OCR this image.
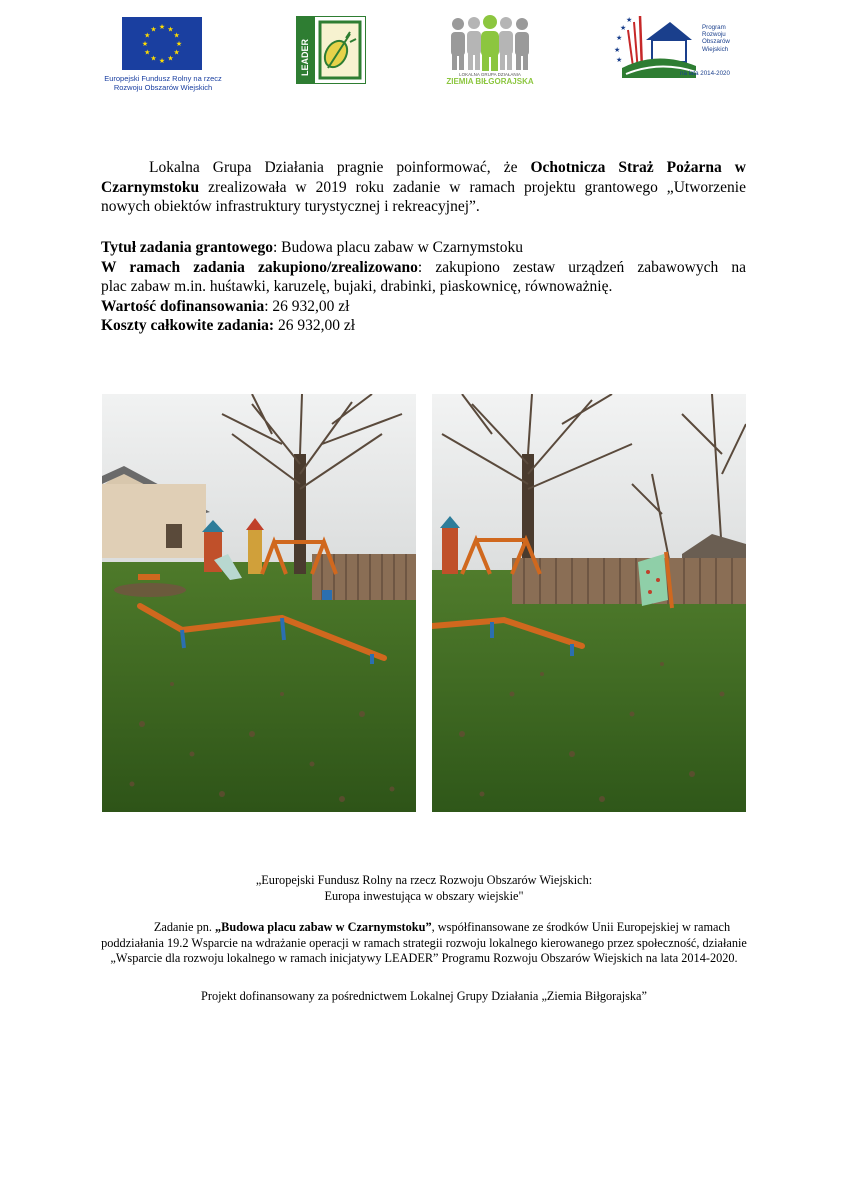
★ ★
★
★
★
★
★
★
★
★
★
★
Europejski Fundusz Rolny na rzecz
Rozwoju Obszarów Wiejskich
LEADER	LOKALNA GRUPA DZIAŁANIA
ZIEMIA BIŁGORAJSKA
★
★
★
★
★
Program
Rozwoju
Obszarów
Wiejskich
na lata 2014-2020
Lokalna Grupa Działania pragnie poinformować, że Ochotnicza Straż Pożarna w Czarnymstoku zrealizowała w 2019 roku zadanie w ramach projektu grantowego „Utworzenie nowych obiektów infrastruktury turystycznej i rekreacyjnej”.
Tytuł zadania grantowego: Budowa placu zabaw w Czarnymstoku
W ramach zadania zakupiono/zrealizowano: zakupiono zestaw urządzeń zabawowych na
plac zabaw m.in. huśtawki, karuzelę, bujaki, drabinki, piaskownicę, równoważnię.
Wartość dofinansowania: 26 932,00 zł
Koszty całkowite zadania: 26 932,00 zł
„Europejski Fundusz Rolny na rzecz Rozwoju Obszarów Wiejskich:
Europa inwestująca w obszary wiejskie"
Zadanie pn. „Budowa placu zabaw w Czarnymstoku”, współfinansowane ze środków Unii Europejskiej w ramach poddziałania 19.2 Wsparcie na wdrażanie operacji w ramach strategii rozwoju lokalnego kierowanego przez społeczność, działanie „Wsparcie dla rozwoju lokalnego w ramach inicjatywy LEADER” Programu Rozwoju Obszarów Wiejskich na lata 2014-2020.
Projekt dofinansowany za pośrednictwem Lokalnej Grupy Działania „Ziemia Biłgorajska”
